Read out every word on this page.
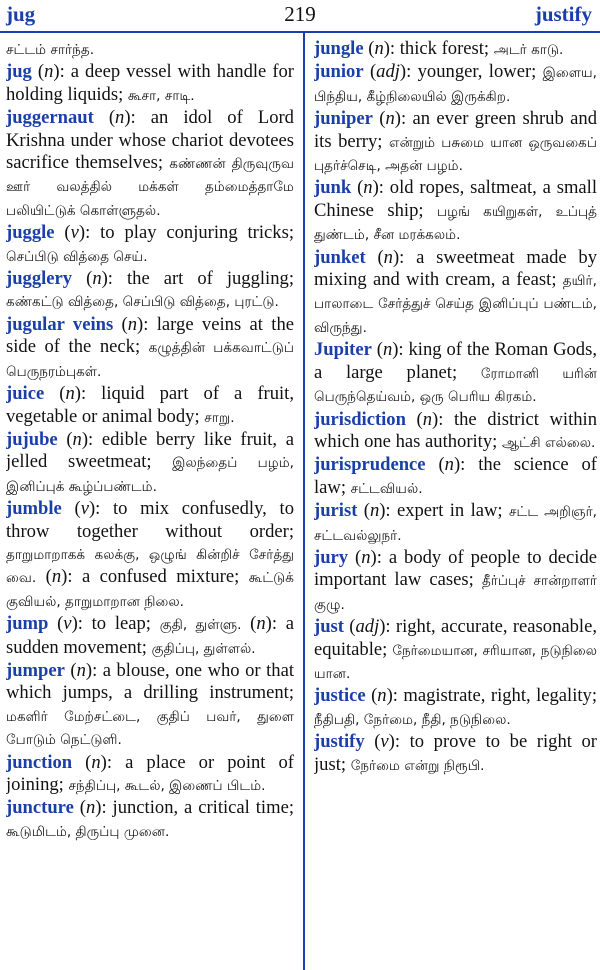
jug	219	justify

சட்டம் சார்ந்த.

jug (n): a deep vessel with handle for holding liquids; கூசா, சாடி.

juggernaut (n): an idol of Lord Krishna under whose chariot devotees sacrifice themselves; கண்ணன் திருவுருவ ஊர் வலத்தில் மக்கள் தம்மைத்தாமே பலியிட்டுக் கொள்ளுதல்.

juggle (v): to play conjuring tricks; செப்பிடு வித்தை செய்.

jugglery (n): the art of juggling; கண்கட்டு வித்தை, செப்பிடு வித்தை, புரட்டு.

jugular veins (n): large veins at the side of the neck; கழுத்தின் பக்கவாட்டுப் பெருநரம்புகள்.

juice (n): liquid part of a fruit, vegetable or animal body; சாறு.

jujube (n): edible berry like fruit, a jelled sweetmeat; இலந்தைப் பழம், இனிப்புக் கூழ்ப்பண்டம்.

jumble (v): to mix confusedly, to throw together without order; தாறுமாறாகக் கலக்கு, ஒழுங் கின்றிச் சேர்த்து வை. (n): a confused mixture; கூட்டுக் குவியல், தாறுமாறான நிலை.

jump (v): to leap; குதி, துள்ளு. (n): a sudden movement; குதிப்பு, துள்ளல்.

jumper (n): a blouse, one who or that which jumps, a drilling instrument; மகளிர் மேற்சட்டை, குதிப் பவர், துளை போடும் நெட்டுளி.

junction (n): a place or point of joining; சந்திப்பு, கூடல், இணைப் பிடம்.

juncture (n): junction, a critical time; கூடுமிடம், திருப்பு முனை.

jungle (n): thick forest; அடர் காடு.

junior (adj): younger, lower; இளைய, பிந்திய, கீழ்நிலையில் இருக்கிற.

juniper (n): an ever green shrub and its berry; என்றும் பசுமை யான ஒருவகைப் புதர்ச்செடி, அதன் பழம்.

junk (n): old ropes, saltmeat, a small Chinese ship; பழங் கயிறுகள், உப்புத் துண்டம், சீன மரக்கலம்.

junket (n): a sweetmeat made by mixing and with cream, a feast; தயிர், பாலாடை சேர்த்துச் செய்த இனிப்புப் பண்டம், விருந்து.

Jupiter (n): king of the Roman Gods, a large planet; ரோமானி யரின் பெருந்தெய்வம், ஒரு பெரிய கிரகம்.

jurisdiction (n): the district within which one has authority; ஆட்சி எல்லை.

jurisprudence (n): the science of law; சட்டவியல்.

jurist (n): expert in law; சட்ட அறிஞர், சட்டவல்லுநர்.

jury (n): a body of people to decide important law cases; தீர்ப்புச் சான்றாளர் குழு.

just (adj): right, accurate, reasonable, equitable; நேர்மையான, சரியான, நடுநிலை யான.

justice (n): magistrate, right, legality; நீதிபதி, நேர்மை, நீதி, நடுநிலை.

justify (v): to prove to be right or just; நேர்மை என்று நிரூபி.
